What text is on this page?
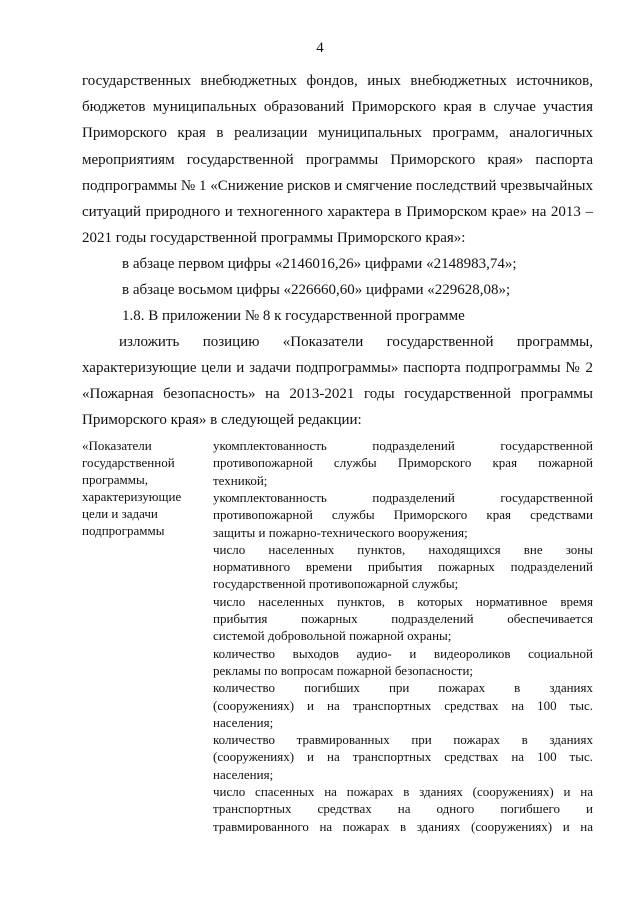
4
государственных внебюджетных фондов, иных внебюджетных источников,
бюджетов муниципальных образований Приморского края в случае участия
Приморского края в реализации муниципальных программ, аналогичных
мероприятиям государственной программы Приморского края» паспорта
подпрограммы № 1 «Снижение рисков и смягчение последствий чрезвычайных
ситуаций природного и техногенного характера в Приморском крае» на 2013 –
2021 годы государственной программы Приморского края»:
в абзаце первом цифры «2146016,26» цифрами «2148983,74»;
в абзаце восьмом цифры «226660,60» цифрами «229628,08»;
1.8. В приложении № 8 к государственной программе
изложить позицию «Показатели государственной программы,
характеризующие цели и задачи подпрограммы» паспорта подпрограммы № 2
«Пожарная безопасность» на 2013-2021 годы государственной программы
Приморского края» в следующей редакции:
«Показатели
государственной
программы,
характеризующие
цели и задачи
подпрограммы
укомплектованность подразделений государственной
противопожарной службы Приморского края пожарной
техникой;
укомплектованность подразделений государственной
противопожарной службы Приморского края средствами
защиты и пожарно-технического вооружения;
число населенных пунктов, находящихся вне зоны
нормативного времени прибытия пожарных подразделений
государственной противопожарной службы;
число населенных пунктов, в которых нормативное время
прибытия пожарных подразделений обеспечивается
системой добровольной пожарной охраны;
количество выходов аудио- и видеороликов социальной
рекламы по вопросам пожарной безопасности;
количество погибших при пожарах в зданиях
(сооружениях) и на транспортных средствах на 100 тыс.
населения;
количество травмированных при пожарах в зданиях
(сооружениях) и на транспортных средствах на 100 тыс.
населения;
число спасенных на пожарах в зданиях (сооружениях) и на
транспортных средствах на одного погибшего и
травмированного на пожарах в зданиях (сооружениях) и на
